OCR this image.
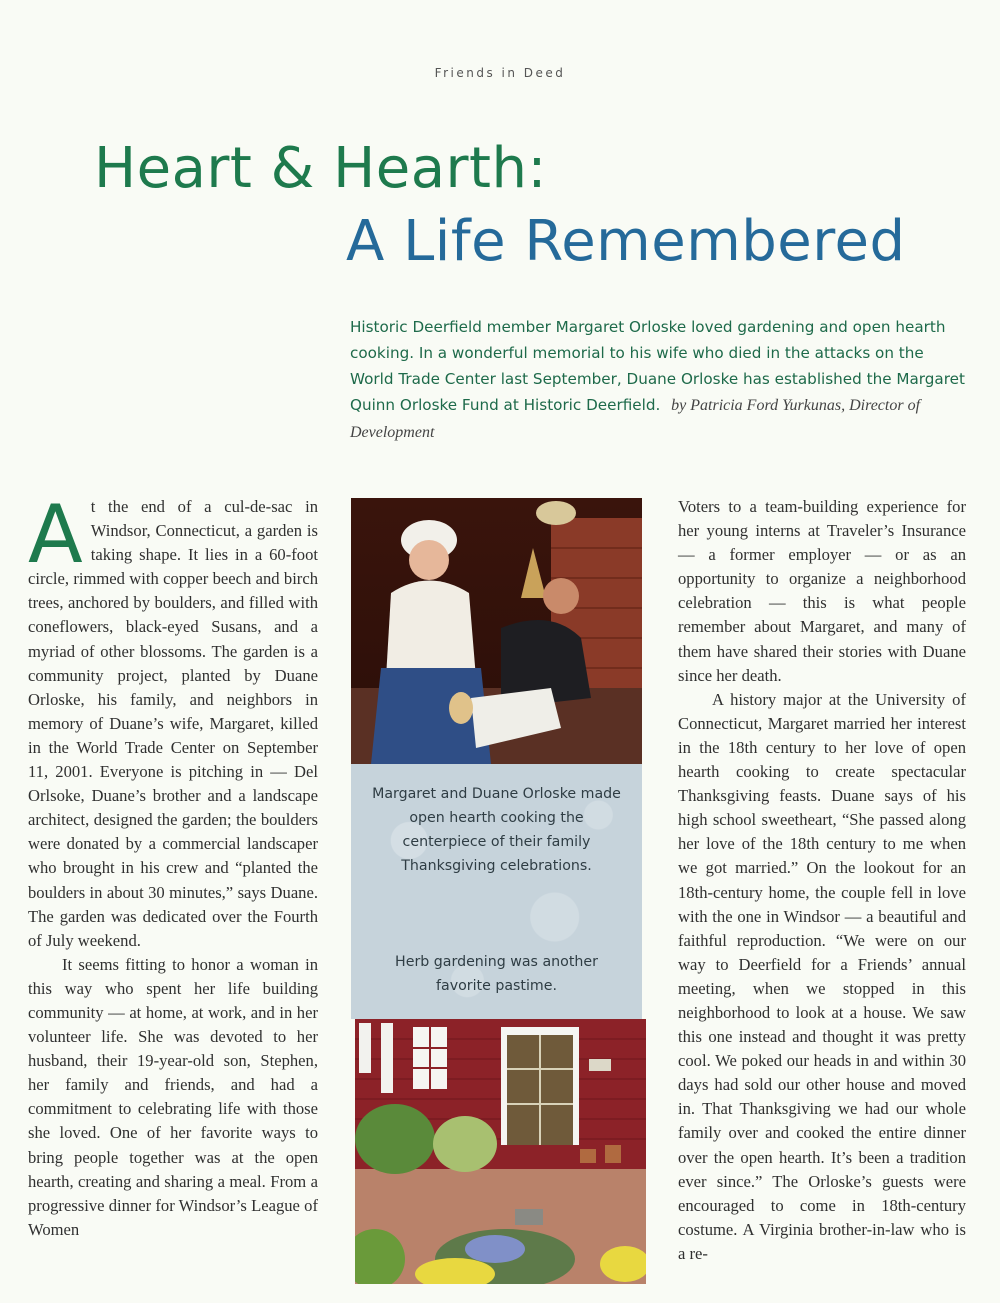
Friends in Deed
Heart & Hearth:
A Life Remembered
Historic Deerfield member Margaret Orloske loved gardening and open hearth cooking. In a wonderful memorial to his wife who died in the attacks on the World Trade Center last September, Duane Orloske has established the Margaret Quinn Orloske Fund at Historic Deerfield. by Patricia Ford Yurkunas, Director of Development

At the end of a cul-de-sac in Windsor, Connecticut, a garden is taking shape. It lies in a 60-foot circle, rimmed with copper beech and birch trees, anchored by boulders, and filled with coneflowers, black-eyed Susans, and a myriad of other blossoms. The garden is a community project, planted by Duane Orloske, his family, and neighbors in memory of Duane’s wife, Margaret, killed in the World Trade Center on September 11, 2001. Everyone is pitching in — Del Orlsoke, Duane’s brother and a landscape architect, designed the garden; the boulders were donated by a commercial landscaper who brought in his crew and “planted the boulders in about 30 minutes,” says Duane. The garden was dedicated over the Fourth of July weekend.

It seems fitting to honor a woman in this way who spent her life building community — at home, at work, and in her volunteer life. She was devoted to her husband, their 19-year-old son, Stephen, her family and friends, and had a commitment to celebrating life with those she loved. One of her favorite ways to bring people together was at the open hearth, creating and sharing a meal. From a progressive dinner for Windsor’s League of Women

Margaret and Duane Orloske made open hearth cooking the centerpiece of their family Thanksgiving celebrations.
Herb gardening was another favorite pastime.

Voters to a team-building experience for her young interns at Traveler’s Insurance — a former employer — or as an opportunity to organize a neighborhood celebration — this is what people remember about Margaret, and many of them have shared their stories with Duane since her death.

A history major at the University of Connecticut, Margaret married her interest in the 18th century to her love of open hearth cooking to create spectacular Thanksgiving feasts. Duane says of his high school sweetheart, “She passed along her love of the 18th century to me when we got married.” On the lookout for an 18th-century home, the couple fell in love with the one in Windsor — a beautiful and faithful reproduction. “We were on our way to Deerfield for a Friends’ annual meeting, when we stopped in this neighborhood to look at a house. We saw this one instead and thought it was pretty cool. We poked our heads in and within 30 days had sold our other house and moved in. That Thanksgiving we had our whole family over and cooked the entire dinner over the open hearth. It’s been a tradition ever since.” The Orloske’s guests were encouraged to come in 18th-century costume. A Virginia brother-in-law who is a re-
